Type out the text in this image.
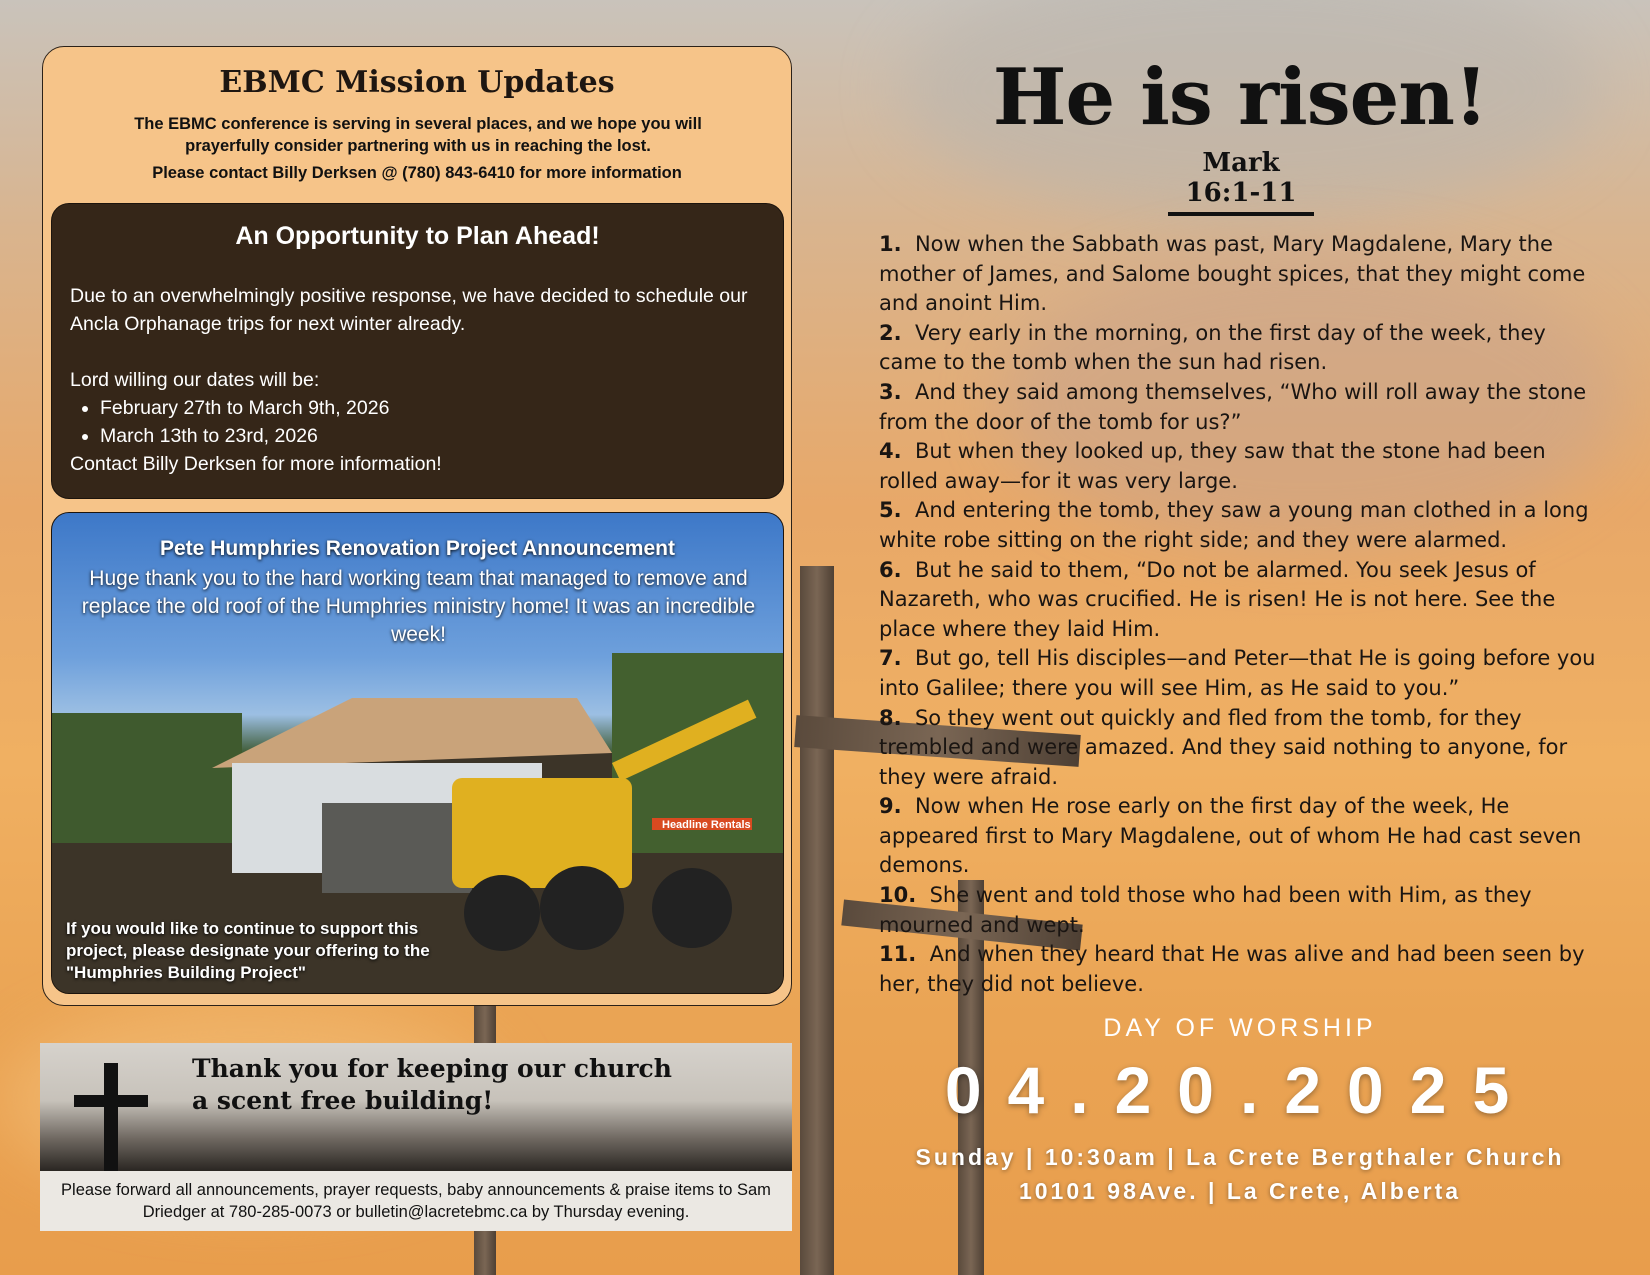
EBMC Mission Updates
The EBMC conference is serving in several places, and we hope you will prayerfully consider partnering with us in reaching the lost.
Please contact Billy Derksen @ (780) 843-6410 for more information
An Opportunity to Plan Ahead!

Due to an overwhelmingly positive response, we have decided to schedule our Ancla Orphanage trips for next winter already.

Lord willing our dates will be:

• February 27th to March 9th, 2026
• March 13th to 23rd, 2026

Contact Billy Derksen for more information!

Headline Rentals
Pete Humphries Renovation Project Announcement
Huge thank you to the hard working team that managed to remove and replace the old roof of the Humphries ministry home! It was an incredible week!
If you would like to continue to support this project, please designate your offering to the "Humphries Building Project"
Thank you for keeping our church
a scent free building!
Please forward all announcements, prayer requests, baby announcements & praise items to Sam Driedger at 780-285-0073 or bulletin@lacretebmc.ca by Thursday evening.
He is risen!
Mark 16:1-11

1. Now when the Sabbath was past, Mary Magdalene, Mary the mother of James, and Salome bought spices, that they might come and anoint Him.

2. Very early in the morning, on the first day of the week, they came to the tomb when the sun had risen.

3. And they said among themselves, “Who will roll away the stone from the door of the tomb for us?”

4. But when they looked up, they saw that the stone had been rolled away—for it was very large.

5. And entering the tomb, they saw a young man clothed in a long white robe sitting on the right side; and they were alarmed.

6. But he said to them, “Do not be alarmed. You seek Jesus of Nazareth, who was crucified. He is risen! He is not here. See the place where they laid Him.

7. But go, tell His disciples—and Peter—that He is going before you into Galilee; there you will see Him, as He said to you.”

8. So they went out quickly and fled from the tomb, for they trembled and were amazed. And they said nothing to anyone, for they were afraid.

9. Now when He rose early on the first day of the week, He appeared first to Mary Magdalene, out of whom He had cast seven demons.

10. She went and told those who had been with Him, as they mourned and wept.

11. And when they heard that He was alive and had been seen by her, they did not believe.

DAY OF WORSHIP
04.20.2025
Sunday | 10:30am | La Crete Bergthaler Church
10101 98Ave. | La Crete, Alberta
